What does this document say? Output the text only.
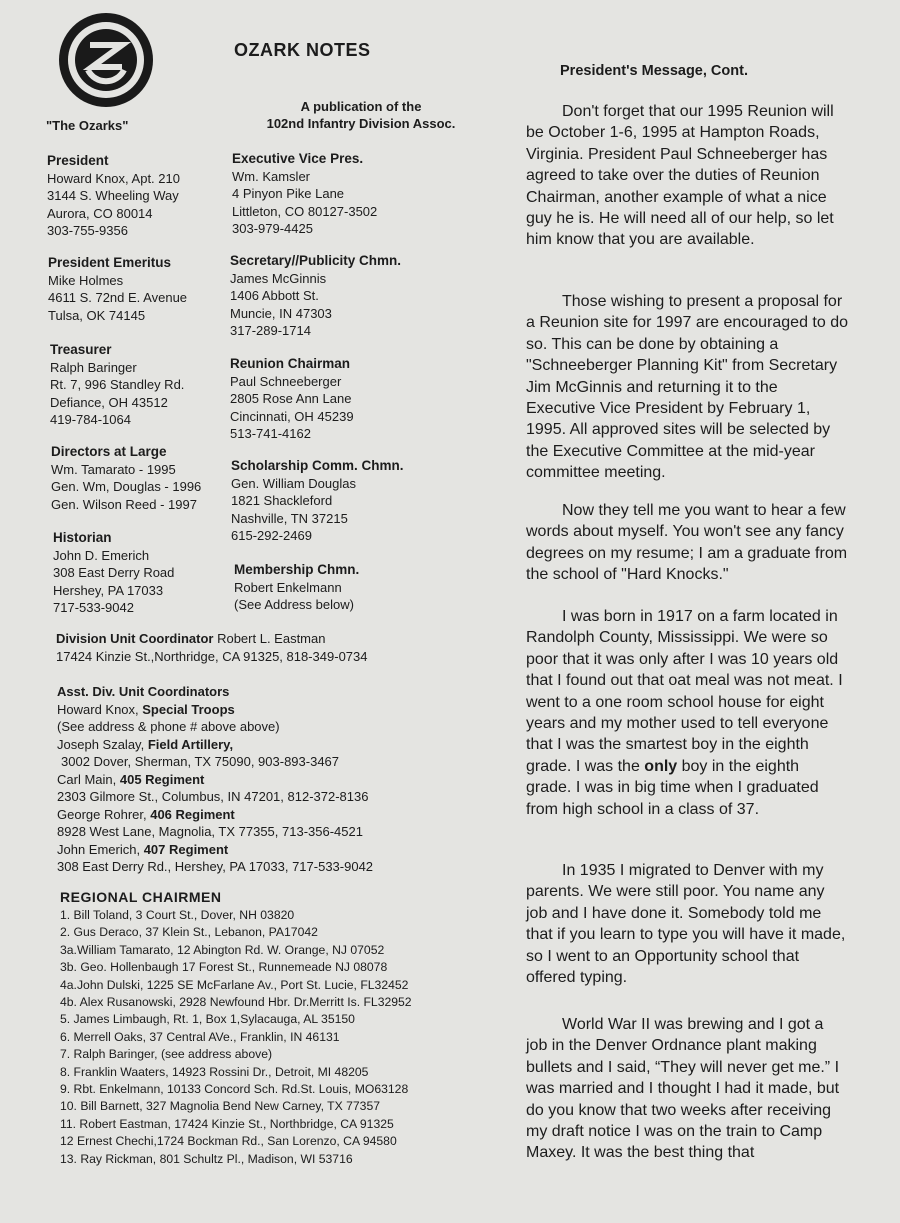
"The Ozarks"
OZARK NOTES
A publication of the
102nd Infantry Division Assoc.
President
Howard Knox, Apt. 210
3144 S. Wheeling Way
Aurora, CO 80014
303-755-9356
President Emeritus
Mike Holmes
4611 S. 72nd E. Avenue
Tulsa, OK 74145
Treasurer
Ralph Baringer
Rt. 7, 996 Standley Rd.
Defiance, OH 43512
419-784-1064
Directors at Large
Wm. Tamarato - 1995
Gen. Wm, Douglas - 1996
Gen. Wilson Reed - 1997
Historian
John D. Emerich
308 East Derry Road
Hershey, PA 17033
717-533-9042
Executive Vice Pres.
Wm. Kamsler
4 Pinyon Pike Lane
Littleton, CO 80127-3502
303-979-4425
Secretary//Publicity Chmn.
James McGinnis
1406 Abbott St.
Muncie, IN 47303
317-289-1714
Reunion Chairman
Paul Schneeberger
2805 Rose Ann Lane
Cincinnati, OH 45239
513-741-4162
Scholarship Comm. Chmn.
Gen. William Douglas
1821 Shackleford
Nashville, TN 37215
615-292-2469
Membership Chmn.
Robert Enkelmann
(See Address below)
Division Unit Coordinator Robert L. Eastman
17424 Kinzie St.,Northridge, CA 91325, 818-349-0734
Asst. Div. Unit Coordinators
Howard Knox, Special Troops
(See address & phone # above above)
Joseph Szalay, Field Artillery,
3002 Dover, Sherman, TX 75090, 903-893-3467
Carl Main, 405 Regiment
2303 Gilmore St., Columbus, IN 47201, 812-372-8136
George Rohrer, 406 Regiment
8928 West Lane, Magnolia, TX 77355, 713-356-4521
John Emerich, 407 Regiment
308 East Derry Rd., Hershey, PA 17033, 717-533-9042
REGIONAL CHAIRMEN
1. Bill Toland, 3 Court St., Dover, NH 03820
2. Gus Deraco, 37 Klein St., Lebanon, PA17042
3a.William Tamarato, 12 Abington Rd. W. Orange, NJ 07052
3b. Geo. Hollenbaugh 17 Forest St., Runnemeade NJ 08078
4a.John Dulski, 1225 SE McFarlane Av., Port St. Lucie, FL32452
4b. Alex Rusanowski, 2928 Newfound Hbr. Dr.Merritt Is. FL32952
5. James Limbaugh, Rt. 1, Box 1,Sylacauga, AL 35150
6. Merrell Oaks, 37 Central AVe., Franklin, IN 46131
7. Ralph Baringer, (see address above)
8. Franklin Waaters, 14923 Rossini Dr., Detroit, MI 48205
9. Rbt. Enkelmann, 10133 Concord Sch. Rd.St. Louis, MO63128
10. Bill Barnett, 327 Magnolia Bend New Carney, TX 77357
11. Robert Eastman, 17424 Kinzie St., Northbridge, CA 91325
12 Ernest Chechi,1724 Bockman Rd., San Lorenzo, CA 94580
13. Ray Rickman, 801 Schultz Pl., Madison, WI 53716
President's Message, Cont.

Don't forget that our 1995 Reunion will be October 1-6, 1995 at Hampton Roads, Virginia. President Paul Schneeberger has agreed to take over the duties of Reunion Chairman, another example of what a nice guy he is. He will need all of our help, so let him know that you are available.

Those wishing to present a proposal for a Reunion site for 1997 are encouraged to do so. This can be done by obtaining a "Schneeberger Planning Kit" from Secretary Jim McGinnis and returning it to the Executive Vice President by February 1, 1995. All approved sites will be selected by the Executive Committee at the mid-year committee meeting.

Now they tell me you want to hear a few words about myself. You won't see any fancy degrees on my resume; I am a graduate from the school of "Hard Knocks."

I was born in 1917 on a farm located in Randolph County, Mississippi. We were so poor that it was only after I was 10 years old that I found out that oat meal was not meat. I went to a one room school house for eight years and my mother used to tell everyone that I was the smartest boy in the eighth grade. I was the only boy in the eighth grade. I was in big time when I graduated from high school in a class of 37.

In 1935 I migrated to Denver with my parents. We were still poor. You name any job and I have done it. Somebody told me that if you learn to type you will have it made, so I went to an Opportunity school that offered typing.

World War II was brewing and I got a job in the Denver Ordnance plant making bullets and I said, “They will never get me.” I was married and I thought I had it made, but do you know that two weeks after receiving my draft notice I was on the train to Camp Maxey. It was the best thing that
